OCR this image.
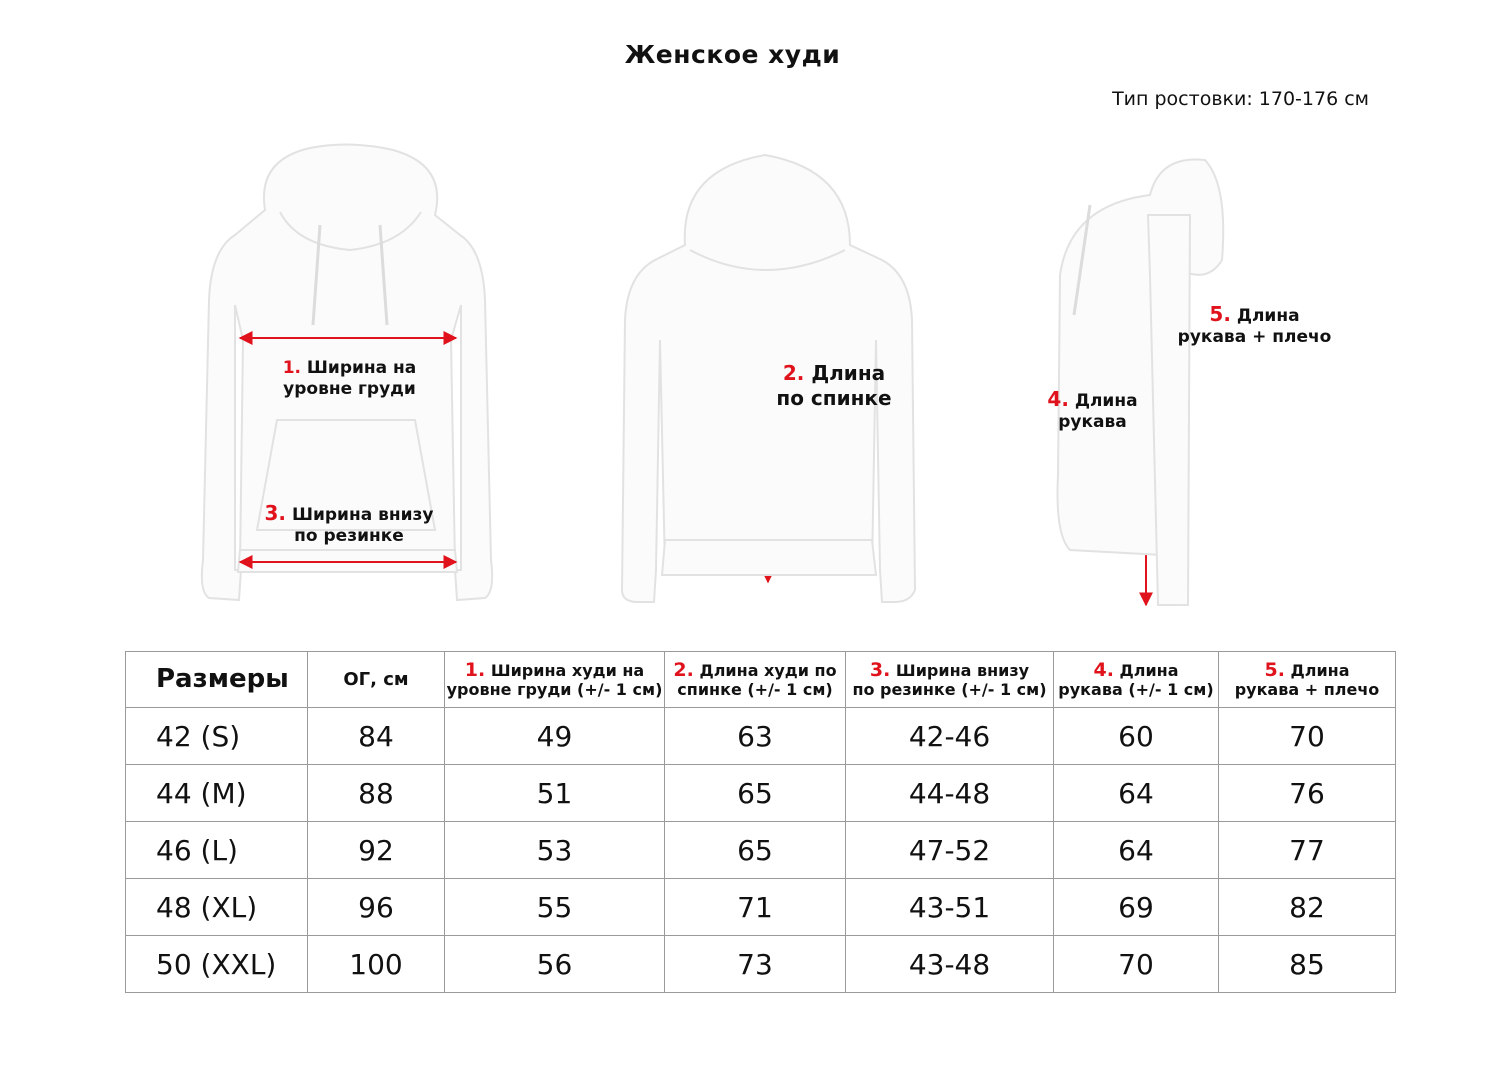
Женское худи
Тип ростовки: 170-176 см
1. Ширина на
уровне груди
3. Ширина внизу
по резинке
2. Длина
по спинке	4. Длина
рукава
5. Длина
рукава + плечо
Размеры	ОГ, см	1. Ширина худи на
уровне груди (+/- 1 см)	2. Длина худи по
спинке (+/- 1 см)	3. Ширина внизу
по резинке (+/- 1 см)	4. Длина
рукава (+/- 1 см)	5. Длина
рукава + плечо
42 (S)	84	49	63	42-46	60	70
44 (M)	88	51	65	44-48	64	76
46 (L)	92	53	65	47-52	64	77
48 (XL)	96	55	71	43-51	69	82
50 (XXL)	100	56	73	43-48	70	85
